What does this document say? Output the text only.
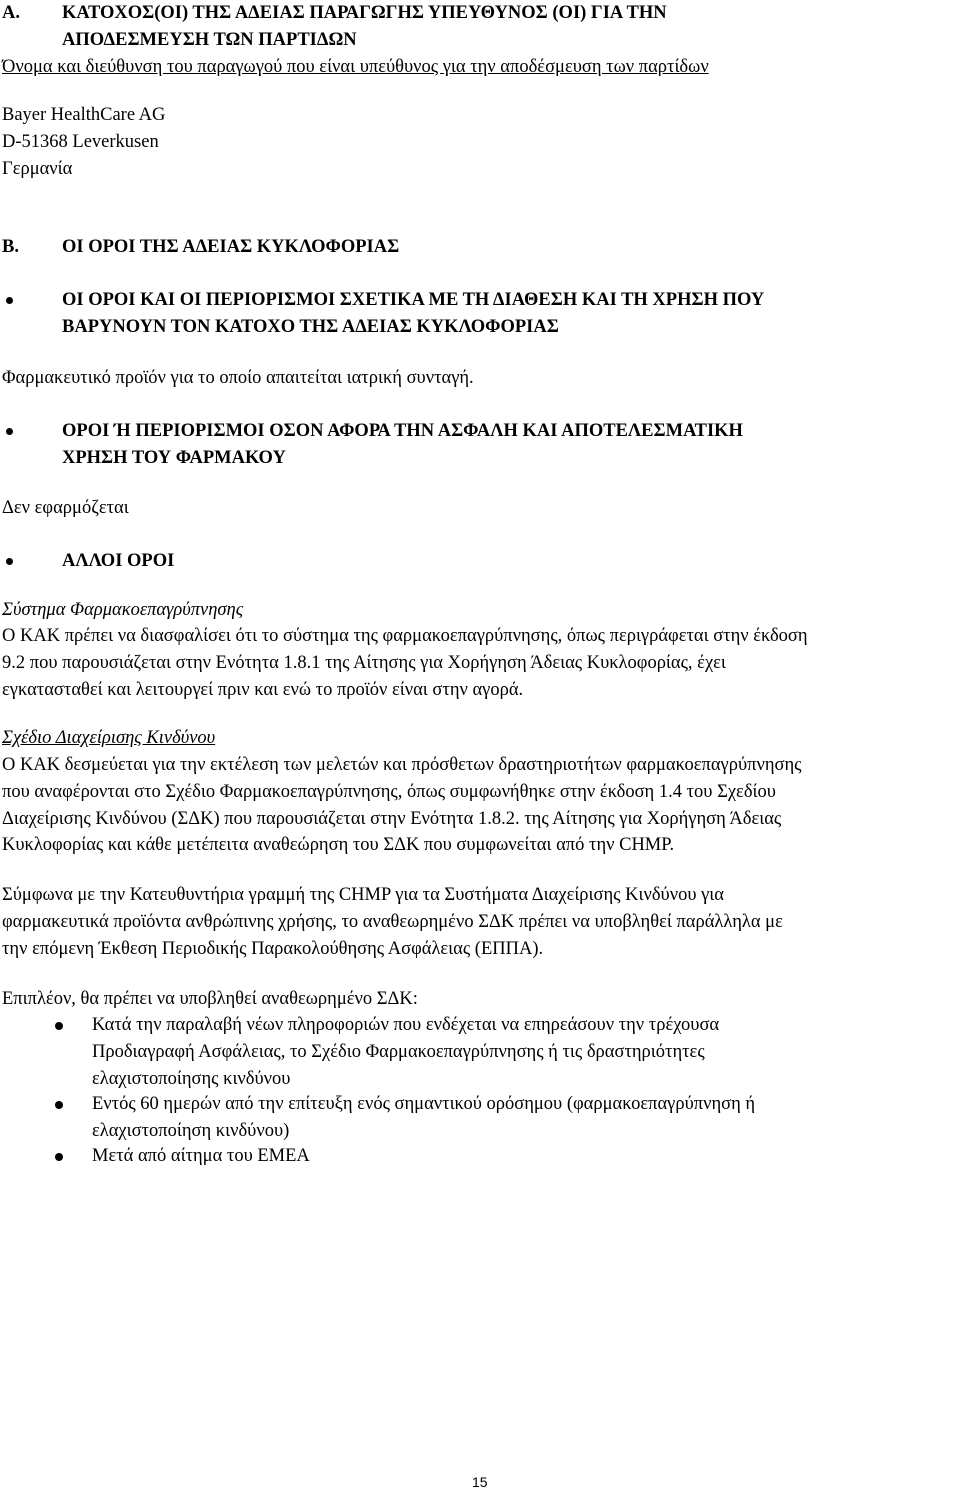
Α. ΚΑΤΟΧΟΣ(ΟΙ) ΤΗΣ ΑΔΕΙΑΣ ΠΑΡΑΓΩΓΗΣ ΥΠΕΥΘΥΝΟΣ (ΟΙ) ΓΙΑ ΤΗΝ
ΑΠΟΔΕΣΜΕΥΣΗ ΤΩΝ ΠΑΡΤΙΔΩΝ
Όνομα και διεύθυνση του παραγωγού που είναι υπεύθυνος για την αποδέσμευση των παρτίδων
Bayer HealthCare AG
D-51368 Leverkusen
Γερμανία
Β. ΟΙ ΟΡΟΙ ΤΗΣ ΑΔΕΙΑΣ ΚΥΚΛΟΦΟΡΙΑΣ
ΟΙ ΟΡΟΙ ΚΑΙ ΟΙ ΠΕΡΙΟΡΙΣΜΟΙ ΣΧΕΤΙΚΑ ΜΕ ΤΗ ΔΙΑΘΕΣΗ ΚΑΙ ΤΗ ΧΡΗΣΗ ΠΟΥ
ΒΑΡΥΝΟΥΝ ΤΟΝ ΚΑΤΟΧΟ ΤΗΣ ΑΔΕΙΑΣ ΚΥΚΛΟΦΟΡΙΑΣ
Φαρμακευτικό προϊόν για το οποίο απαιτείται ιατρική συνταγή.
ΟΡΟΙ Ή ΠΕΡΙΟΡΙΣΜΟΙ ΟΣΟΝ ΑΦΟΡΑ ΤΗΝ ΑΣΦΑΛΗ ΚΑΙ ΑΠΟΤΕΛΕΣΜΑΤΙΚΗ
ΧΡΗΣΗ ΤΟΥ ΦΑΡΜΑΚΟΥ
Δεν εφαρμόζεται
ΑΛΛΟΙ ΟΡΟΙ
Σύστημα Φαρμακοεπαγρύπνησης
Ο ΚΑΚ πρέπει να διασφαλίσει ότι το σύστημα της φαρμακοεπαγρύπνησης, όπως περιγράφεται στην έκδοση
9.2 που παρουσιάζεται στην Ενότητα 1.8.1 της Αίτησης για Χορήγηση Άδειας Κυκλοφορίας, έχει
εγκατασταθεί και λειτουργεί πριν και ενώ το προϊόν είναι στην αγορά.
Σχέδιο Διαχείρισης Κινδύνου
Ο ΚΑΚ δεσμεύεται για την εκτέλεση των μελετών και πρόσθετων δραστηριοτήτων φαρμακοεπαγρύπνησης
που αναφέρονται στο Σχέδιο Φαρμακοεπαγρύπνησης, όπως συμφωνήθηκε στην έκδοση 1.4 του Σχεδίου
Διαχείρισης Κινδύνου (ΣΔΚ) που παρουσιάζεται στην Ενότητα 1.8.2. της Αίτησης για Χορήγηση Άδειας
Κυκλοφορίας και κάθε μετέπειτα αναθεώρηση του ΣΔΚ που συμφωνείται από την CHMP.
Σύμφωνα με την Κατευθυντήρια γραμμή της CHMP για τα Συστήματα Διαχείρισης Κινδύνου για
φαρμακευτικά προϊόντα ανθρώπινης χρήσης, το αναθεωρημένο ΣΔΚ πρέπει να υποβληθεί παράλληλα με
την επόμενη Έκθεση Περιοδικής Παρακολούθησης Ασφάλειας (ΕΠΠΑ).
Επιπλέον, θα πρέπει να υποβληθεί αναθεωρημένο ΣΔΚ:
Κατά την παραλαβή νέων πληροφοριών που ενδέχεται να επηρεάσουν την τρέχουσα
Προδιαγραφή Ασφάλειας, το Σχέδιο Φαρμακοεπαγρύπνησης ή τις δραστηριότητες
ελαχιστοποίησης κινδύνου
Εντός 60 ημερών από την επίτευξη ενός σημαντικού ορόσημου (φαρμακοεπαγρύπνηση ή
ελαχιστοποίηση κινδύνου)
Μετά από αίτημα του ΕΜΕΑ
15
